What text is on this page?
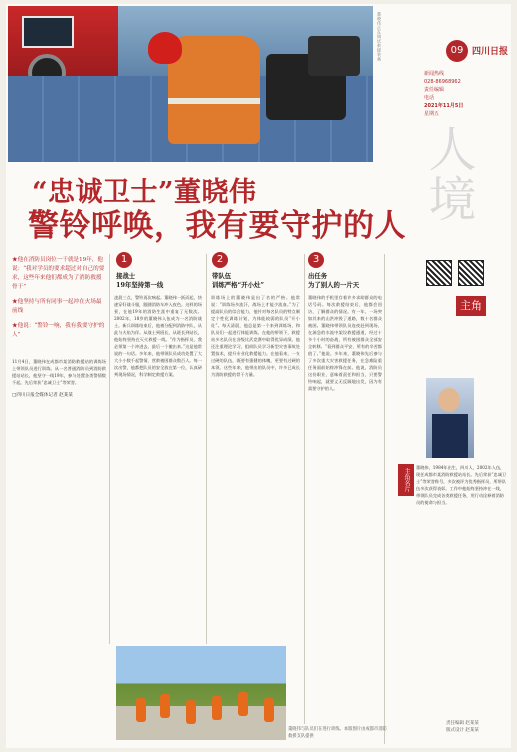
董晓伟正在调试救援装备	09 四川日报
新闻热线
028-86968962
责任编辑
电话
2021年11月5日
星期五
人境
主角
主角名片
董晓伟，1984年出生，四川人，2002年入伍，现任成都市某消防救援站站长。先后荣获“忠诚卫士”等荣誉称号，多次被评为优秀指挥员，所带队伍多次获得表彰。工作中他始终坚持冲在一线，带领队员完成各类救援任务，用行动诠释着消防员的使命与担当。
“忠诚卫士”董晓伟
警铃呼唤，我有要守护的人
★他在消防员岗位一干就是19年，他说：“我对学员的要求超过对自己的要求，这些年来他们都成为了消防救援骨干”
★他坚持与所有同事一起冲在火场最前线
★他说：“警铃一响，我有我要守护的人”
11月4日，董晓伟在成都市某消防救援站的训练场上带领队员进行训练。从一名普通消防员到消防救援站站长，他坚守一线19年，参与处置各类警情数千起，先后荣获“忠诚卫士”等荣誉。
□四川日报全媒体记者 赵某某
1
接战士
19年坚持第一线
凌晨三点，警铃再次响起。董晓伟一跃而起，快速穿好战斗服，跟随消防车冲入夜色。这样的场景，在他19年的消防生涯中重复了无数次。2002年，18岁的董晓伟入伍成为一名消防战士。新兵训练结束后，他被分配到消防中队，从此与火焰为伴。从战士到班长，从班长到站长，他始终坚持在灭火救援一线。“作为指挥员，我必须第一个冲进去，最后一个撤出来。”这是他常说的一句话。多年来，他带领队员成功处置了大大小小数千起警情，营救被困群众数百人。每一次出警，他都把队员的安全放在第一位，认真研判现场情况，科学制定救援方案。
2
带队伍
训练严格“开小灶”
训练场上的董晓伟是出了名的严格。他常说：“训练场多流汗，战场上才能少流血。”为了提高队员的综合能力，他针对每名队员的特点制定个性化训练计划，为体能较弱的队员“开小灶”。每天清晨，他总是第一个来到训练场，和队员们一起进行体能训练。在他的带领下，救援站多名队员在各级比武竞赛中取得优异成绩。他还注重理论学习，组织队员学习新型灾害事故处置技术，提升专业化救援能力。在他看来，一支过硬的队伍，既要有强健的体魄，更要有过硬的本领。这些年来，他带出的队员中，许多已成长为消防救援的骨干力量。
3
出任务
为了别人的一片天
董晓伟的手机里存着许多求助群众的电话号码。每次救援结束后，他都会回访，了解群众的情况。有一年，一场突如其来的山洪冲毁了道路，数十名群众被困。董晓伟带领队员连夜赶到现场，在湍急的水流中架设救援通道，经过十多个小时的奋战，所有被困群众全部安全转移。“看到群众平安，所有的辛苦都值了。”他说。多年来，董晓伟先后参与了多次重大灾害救援任务，在急难险重任务面前始终冲锋在前。他说，消防员这份职业，意味着责任和担当，只要警铃响起，就要义无反顾地出发，因为有需要守护的人。
董晓伟与队员们在进行训练。本版图片由成都市消防救援支队提供
责任编辑 赵某某
版式设计 赵某某
